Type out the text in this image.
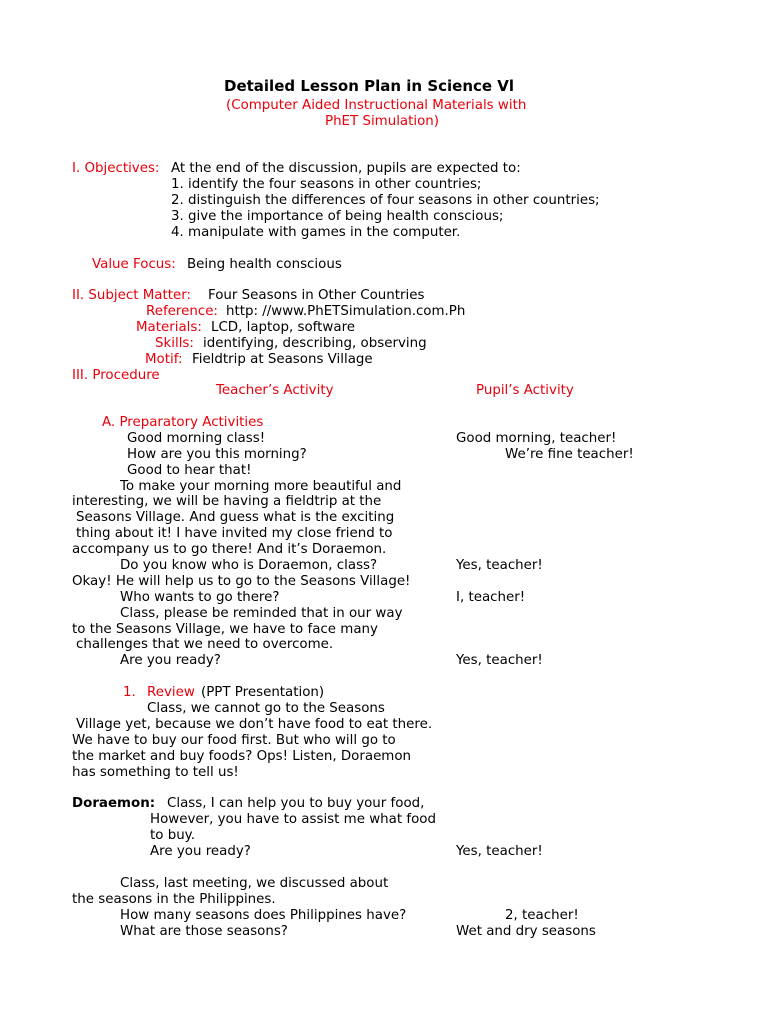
Detailed Lesson Plan in Science Vl
(Computer Aided Instructional Materials with
PhET Simulation)
I. Objectives: At the end of the discussion, pupils are expected to:
1. identify the four seasons in other countries;
2. distinguish the differences of four seasons in other countries;
3. give the importance of being health conscious;
4. manipulate with games in the computer.
Value Focus: Being health conscious
II. Subject Matter: Four Seasons in Other Countries
Reference: http: //www.PhETSimulation.com.Ph
Materials: LCD, laptop, software
Skills: identifying, describing, observing
Motif: Fieldtrip at Seasons Village
III. Procedure
Teacher’s Activity	Pupil’s Activity
A. Preparatory Activities
Good morning class!	Good morning, teacher!
How are you this morning?	We’re fine teacher!
Good to hear that!
To make your morning more beautiful and
interesting, we will be having a fieldtrip at the
Seasons Village. And guess what is the exciting
thing about it! I have invited my close friend to
accompany us to go there! And it’s Doraemon.
Do you know who is Doraemon, class?	Yes, teacher!
Okay! He will help us to go to the Seasons Village!
Who wants to go there?	I, teacher!
Class, please be reminded that in our way
to the Seasons Village, we have to face many
challenges that we need to overcome.
Are you ready?	Yes, teacher!
1. Review (PPT Presentation)
Class, we cannot go to the Seasons
Village yet, because we don’t have food to eat there.
We have to buy our food first. But who will go to
the market and buy foods? Ops! Listen, Doraemon
has something to tell us!
Doraemon: Class, I can help you to buy your food,
However, you have to assist me what food
to buy.
Are you ready?	Yes, teacher!
Class, last meeting, we discussed about
the seasons in the Philippines.
How many seasons does Philippines have?	2, teacher!
What are those seasons?	Wet and dry seasons
